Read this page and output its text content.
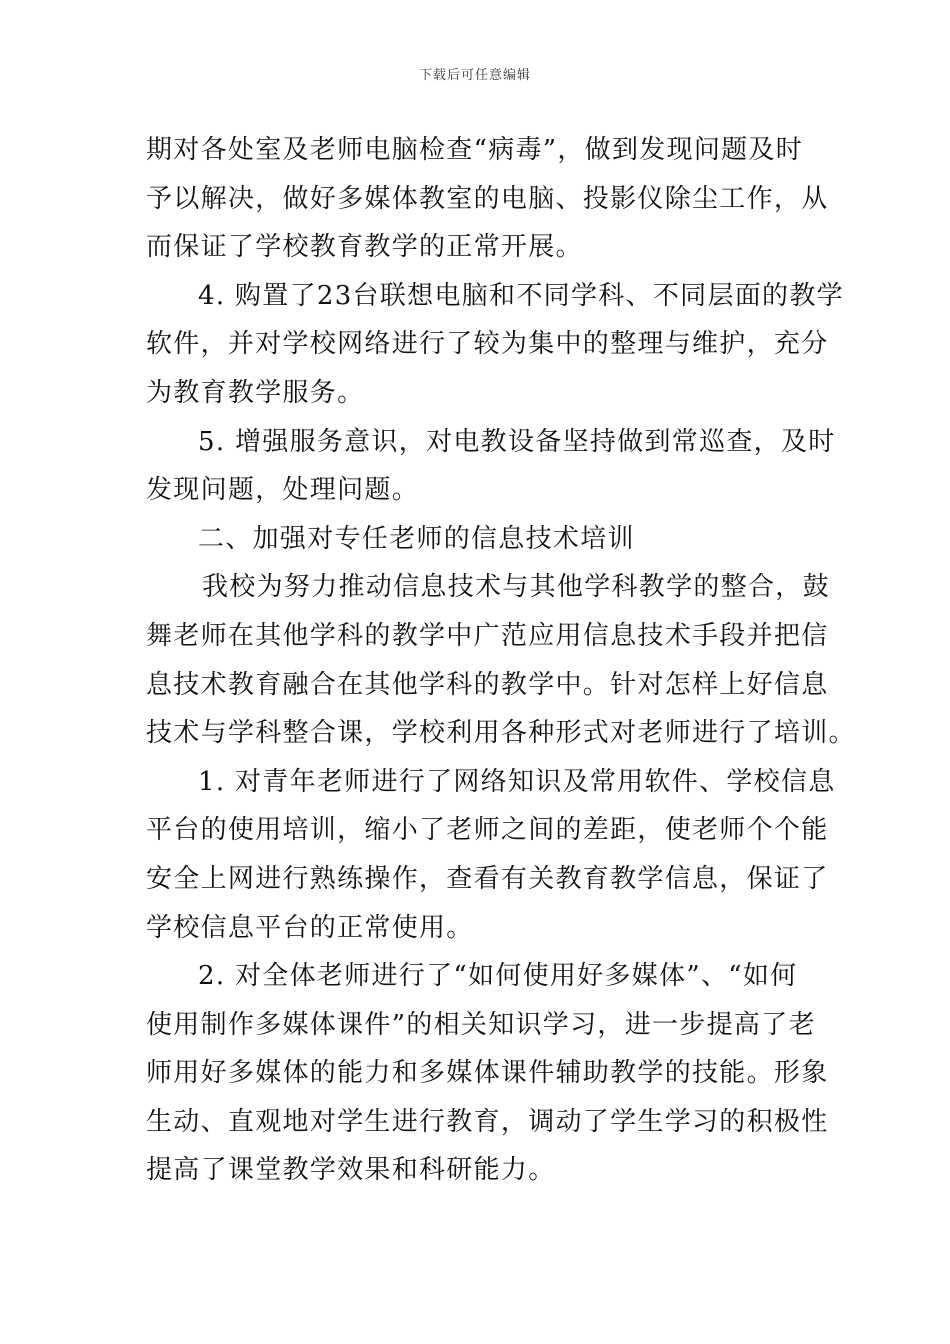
下载后可任意编辑
期对各处室及老师电脑检查“病毒”，做到发现问题及时
予以解决，做好多媒体教室的电脑、投影仪除尘工作，从
而保证了学校教育教学的正常开展。
4. 购置了23台联想电脑和不同学科、不同层面的教学
软件，并对学校网络进行了较为集中的整理与维护，充分
为教育教学服务。
5. 增强服务意识，对电教设备坚持做到常巡查，及时
发现问题，处理问题。
二、加强对专任老师的信息技术培训
我校为努力推动信息技术与其他学科教学的整合，鼓
舞老师在其他学科的教学中广范应用信息技术手段并把信
息技术教育融合在其他学科的教学中。针对怎样上好信息
技术与学科整合课，学校利用各种形式对老师进行了培训。
1. 对青年老师进行了网络知识及常用软件、学校信息
平台的使用培训，缩小了老师之间的差距，使老师个个能
安全上网进行熟练操作，查看有关教育教学信息，保证了
学校信息平台的正常使用。
2. 对全体老师进行了“如何使用好多媒体”、“如何
使用制作多媒体课件”的相关知识学习，进一步提高了老
师用好多媒体的能力和多媒体课件辅助教学的技能。形象
生动、直观地对学生进行教育，调动了学生学习的积极性
提高了课堂教学效果和科研能力。
